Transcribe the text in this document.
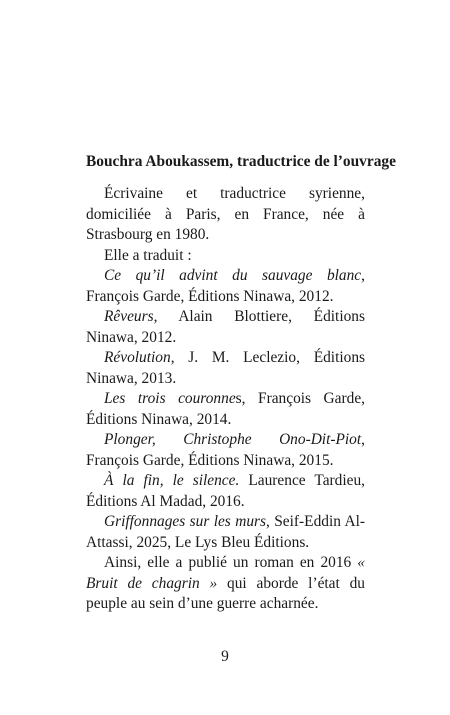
Bouchra Aboukassem, traductrice de l’ouvrage

Écrivaine et traductrice syrienne, domiciliée à Paris, en France, née à Strasbourg en 1980.

Elle a traduit :

Ce qu’il advint du sauvage blanc, François Garde, Éditions Ninawa, 2012.

Rêveurs, Alain Blottiere, Éditions Ninawa, 2012.

Révolution, J. M. Leclezio, Éditions Ninawa, 2013.

Les trois couronnes, François Garde, Éditions Ninawa, 2014.

Plonger, Christophe Ono-Dit-Piot, François Garde, Éditions Ninawa, 2015.

À la fin, le silence. Laurence Tardieu, Éditions Al Madad, 2016.

Griffonnages sur les murs, Seif-Eddin Al-Attassi, 2025, Le Lys Bleu Éditions.

Ainsi, elle a publié un roman en 2016 « Bruit de chagrin » qui aborde l’état du peuple au sein d’une guerre acharnée.

9
